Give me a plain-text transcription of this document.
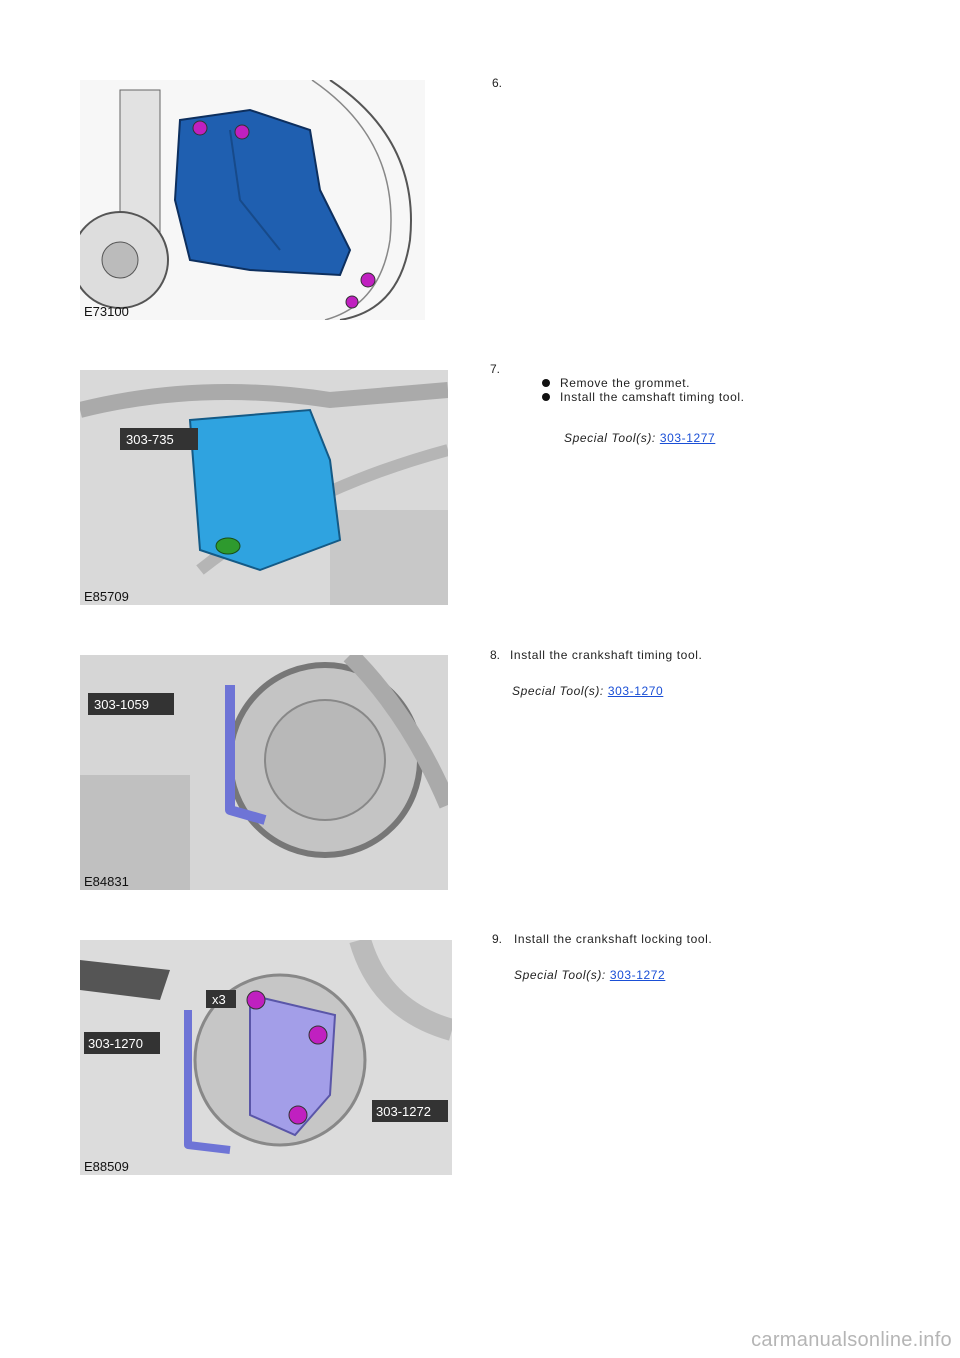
E73100
6.
303-735
E85709
7.
Remove the grommet.
Install the camshaft timing tool.
Special Tool(s): 303-1277
303-1059
E84831
8. Install the crankshaft timing tool.
Special Tool(s): 303-1270
x3
303-1270
303-1272
E88509
9. Install the crankshaft locking tool.
Special Tool(s): 303-1272
carmanualsonline.info
